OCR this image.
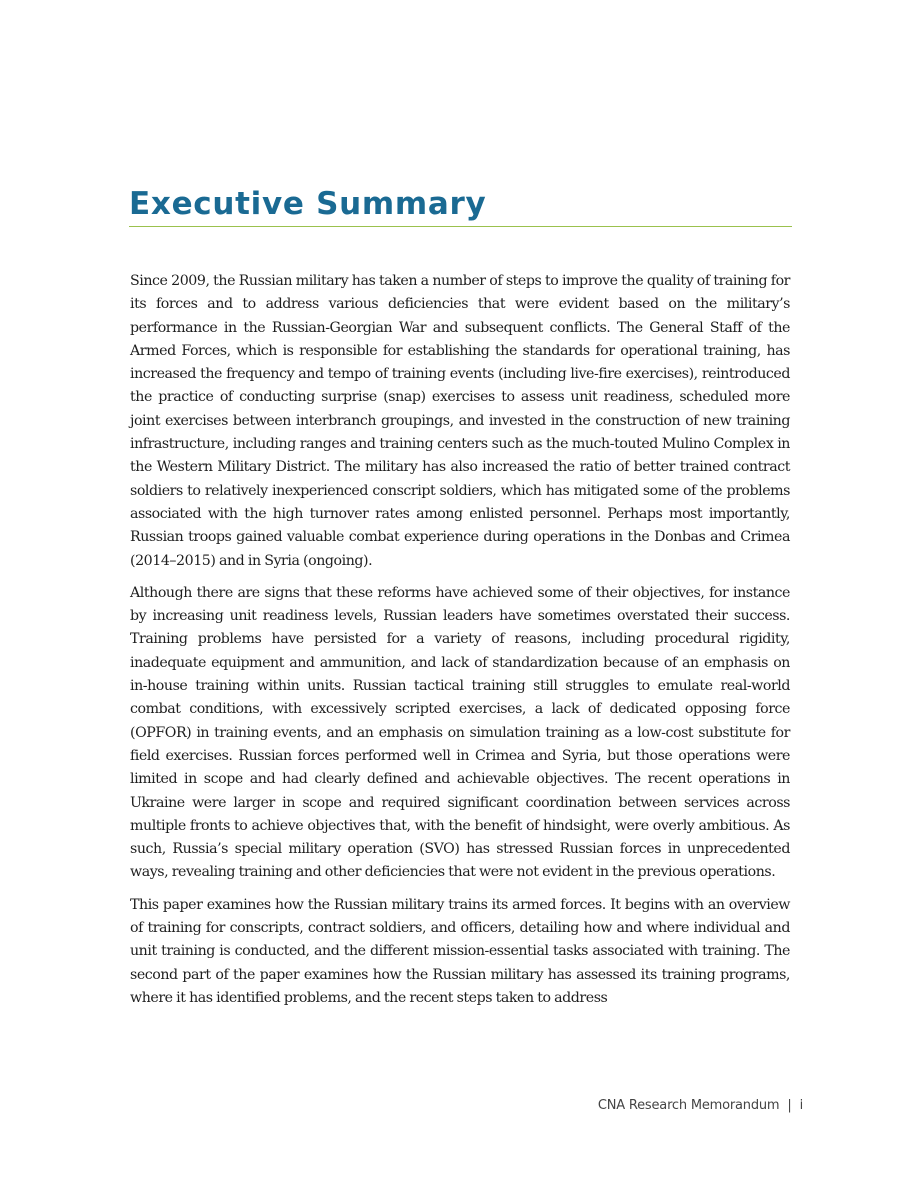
Executive Summary

Since 2009, the Russian military has taken a number of steps to improve the quality of training for its forces and to address various deficiencies that were evident based on the military’s performance in the Russian-Georgian War and subsequent conflicts. The General Staff of the Armed Forces, which is responsible for establishing the standards for operational training, has increased the frequency and tempo of training events (including live-fire exercises), reintroduced the practice of conducting surprise (snap) exercises to assess unit readiness, scheduled more joint exercises between interbranch groupings, and invested in the construction of new training infrastructure, including ranges and training centers such as the much-touted Mulino Complex in the Western Military District. The military has also increased the ratio of better trained contract soldiers to relatively inexperienced conscript soldiers, which has mitigated some of the problems associated with the high turnover rates among enlisted personnel. Perhaps most importantly, Russian troops gained valuable combat experience during operations in the Donbas and Crimea (2014–2015) and in Syria (ongoing).

Although there are signs that these reforms have achieved some of their objectives, for instance by increasing unit readiness levels, Russian leaders have sometimes overstated their success. Training problems have persisted for a variety of reasons, including procedural rigidity, inadequate equipment and ammunition, and lack of standardization because of an emphasis on in-house training within units. Russian tactical training still struggles to emulate real-world combat conditions, with excessively scripted exercises, a lack of dedicated opposing force (OPFOR) in training events, and an emphasis on simulation training as a low-cost substitute for field exercises. Russian forces performed well in Crimea and Syria, but those operations were limited in scope and had clearly defined and achievable objectives. The recent operations in Ukraine were larger in scope and required significant coordination between services across multiple fronts to achieve objectives that, with the benefit of hindsight, were overly ambitious. As such, Russia’s special military operation (SVO) has stressed Russian forces in unprecedented ways, revealing training and other deficiencies that were not evident in the previous operations.

This paper examines how the Russian military trains its armed forces. It begins with an overview of training for conscripts, contract soldiers, and officers, detailing how and where individual and unit training is conducted, and the different mission-essential tasks associated with training. The second part of the paper examines how the Russian military has assessed its training programs, where it has identified problems, and the recent steps taken to address

CNA Research Memorandum | i
